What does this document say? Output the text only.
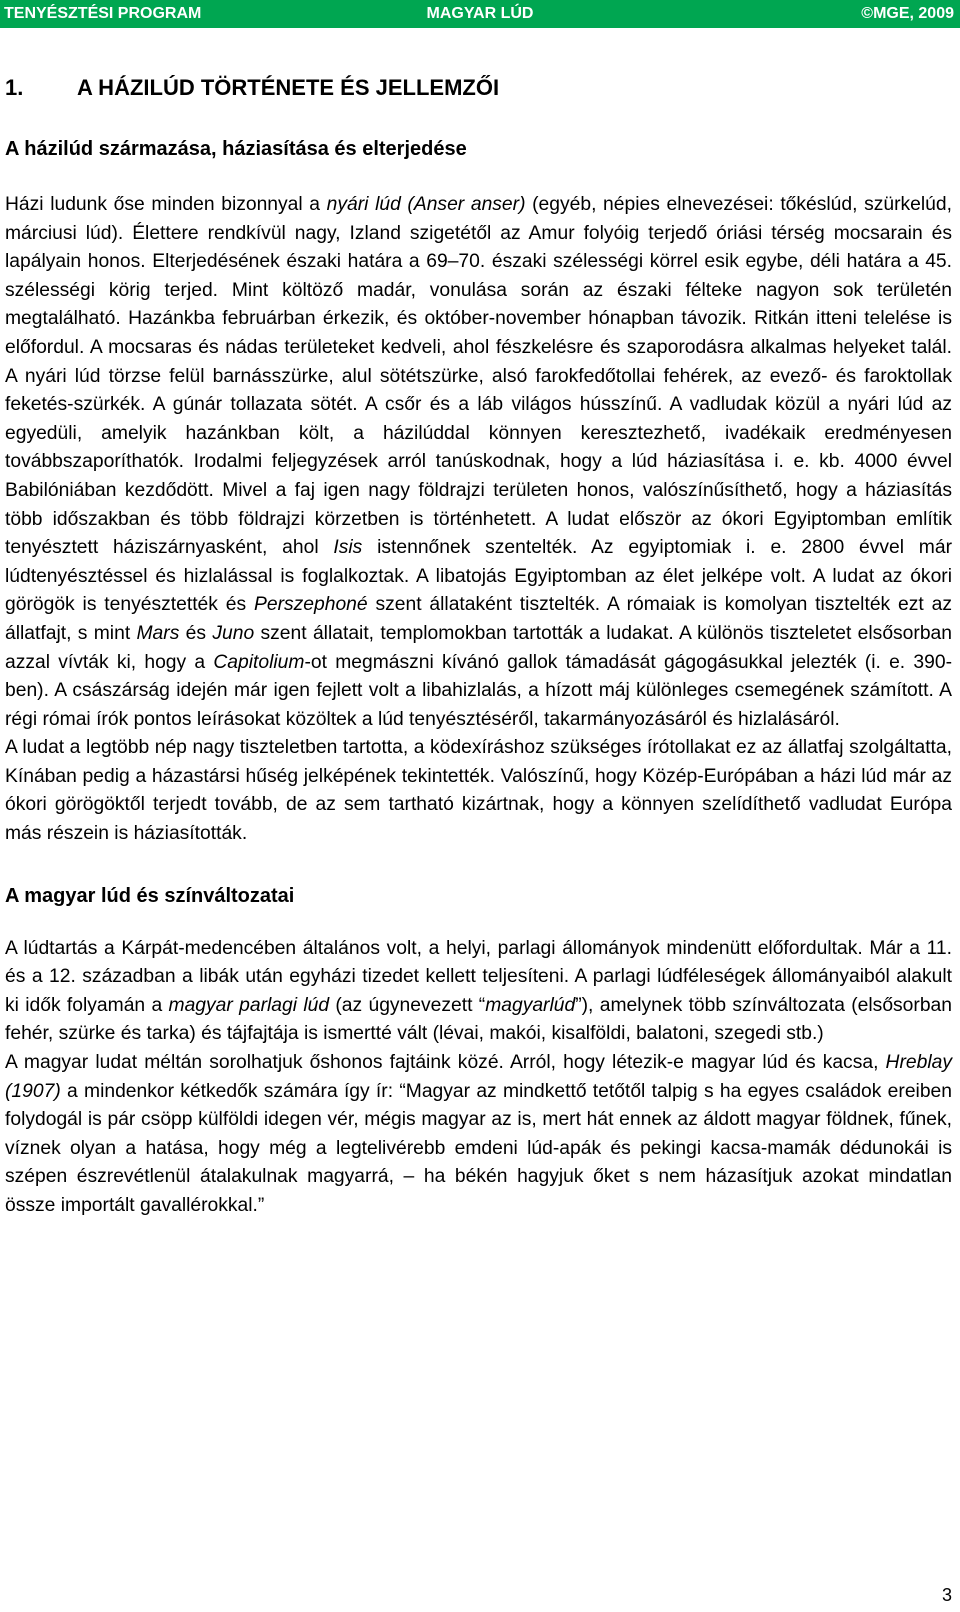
MAGYAR LÚD
TENYÉSZTÉSI PROGRAM	©MGE, 2009
1. A HÁZILÚD TÖRTÉNETE ÉS JELLEMZŐI
A házilúd származása, háziasítása és elterjedése

Házi ludunk őse minden bizonnyal a nyári lúd (Anser anser) (egyéb, népies elnevezései: tőkéslúd, szürkelúd, márciusi lúd). Élettere rendkívül nagy, Izland szigetétől az Amur folyóig terjedő óriási térség mocsarain és lapályain honos. Elterjedésének északi határa a 69–70. északi szélességi körrel esik egybe, déli határa a 45. szélességi körig terjed. Mint költöző madár, vonulása során az északi félteke nagyon sok területén megtalálható. Hazánkba februárban érkezik, és október-november hónapban távozik. Ritkán itteni telelése is előfordul. A mocsaras és nádas területeket kedveli, ahol fészkelésre és szaporodásra alkalmas helyeket talál. A nyári lúd törzse felül barnásszürke, alul sötétszürke, alsó farokfedőtollai fehérek, az evező- és faroktollak feketés-szürkék. A gúnár tollazata sötét. A csőr és a láb világos hússzínű. A vadludak közül a nyári lúd az egyedüli, amelyik hazánkban költ, a házilúddal könnyen keresztezhető, ivadékaik eredményesen továbbszaporíthatók. Irodalmi feljegyzések arról tanúskodnak, hogy a lúd háziasítása i. e. kb. 4000 évvel Babilóniában kezdődött. Mivel a faj igen nagy földrajzi területen honos, valószínűsíthető, hogy a háziasítás több időszakban és több földrajzi körzetben is történhetett. A ludat először az ókori Egyiptomban említik tenyésztett háziszárnyasként, ahol Isis istennőnek szentelték. Az egyiptomiak i. e. 2800 évvel már lúdtenyésztéssel és hizlalással is foglalkoztak. A libatojás Egyiptomban az élet jelképe volt. A ludat az ókori görögök is tenyésztették és Perszephoné szent állataként tisztelték. A rómaiak is komolyan tisztelték ezt az állatfajt, s mint Mars és Juno szent állatait, templomokban tartották a ludakat. A különös tiszteletet elsősorban azzal vívták ki, hogy a Capitolium-ot megmászni kívánó gallok támadását gágogásukkal jelezték (i. e. 390-ben). A császárság idején már igen fejlett volt a libahizlalás, a hízott máj különleges csemegének számított. A régi római írók pontos leírásokat közöltek a lúd tenyésztéséről, takarmányozásáról és hizlalásáról.

A ludat a legtöbb nép nagy tiszteletben tartotta, a ködexíráshoz szükséges írótollakat ez az állatfaj szolgáltatta, Kínában pedig a házastársi hűség jelképének tekintették. Valószínű, hogy Közép-Európában a házi lúd már az ókori görögöktől terjedt tovább, de az sem tartható kizártnak, hogy a könnyen szelídíthető vadludat Európa más részein is háziasították.

A magyar lúd és színváltozatai

A lúdtartás a Kárpát-medencében általános volt, a helyi, parlagi állományok mindenütt előfordultak. Már a 11. és a 12. században a libák után egyházi tizedet kellett teljesíteni. A parlagi lúdféleségek állományaiból alakult ki idők folyamán a magyar parlagi lúd (az úgynevezett “magyarlúd”), amelynek több színváltozata (elsősorban fehér, szürke és tarka) és tájfajtája is ismertté vált (lévai, makói, kisalföldi, balatoni, szegedi stb.)

A magyar ludat méltán sorolhatjuk őshonos fajtáink közé. Arról, hogy létezik-e magyar lúd és kacsa, Hreblay (1907) a mindenkor kétkedők számára így ír: “Magyar az mindkettő tetőtől talpig s ha egyes családok ereiben folydogál is pár csöpp külföldi idegen vér, mégis magyar az is, mert hát ennek az áldott magyar földnek, fűnek, víznek olyan a hatása, hogy még a legtelivérebb emdeni lúd-apák és pekingi kacsa-mamák dédunokái is szépen észrevétlenül átalakulnak magyarrá, – ha békén hagyjuk őket s nem házasítjuk azokat mindatlan össze importált gavallérokkal.”

3
